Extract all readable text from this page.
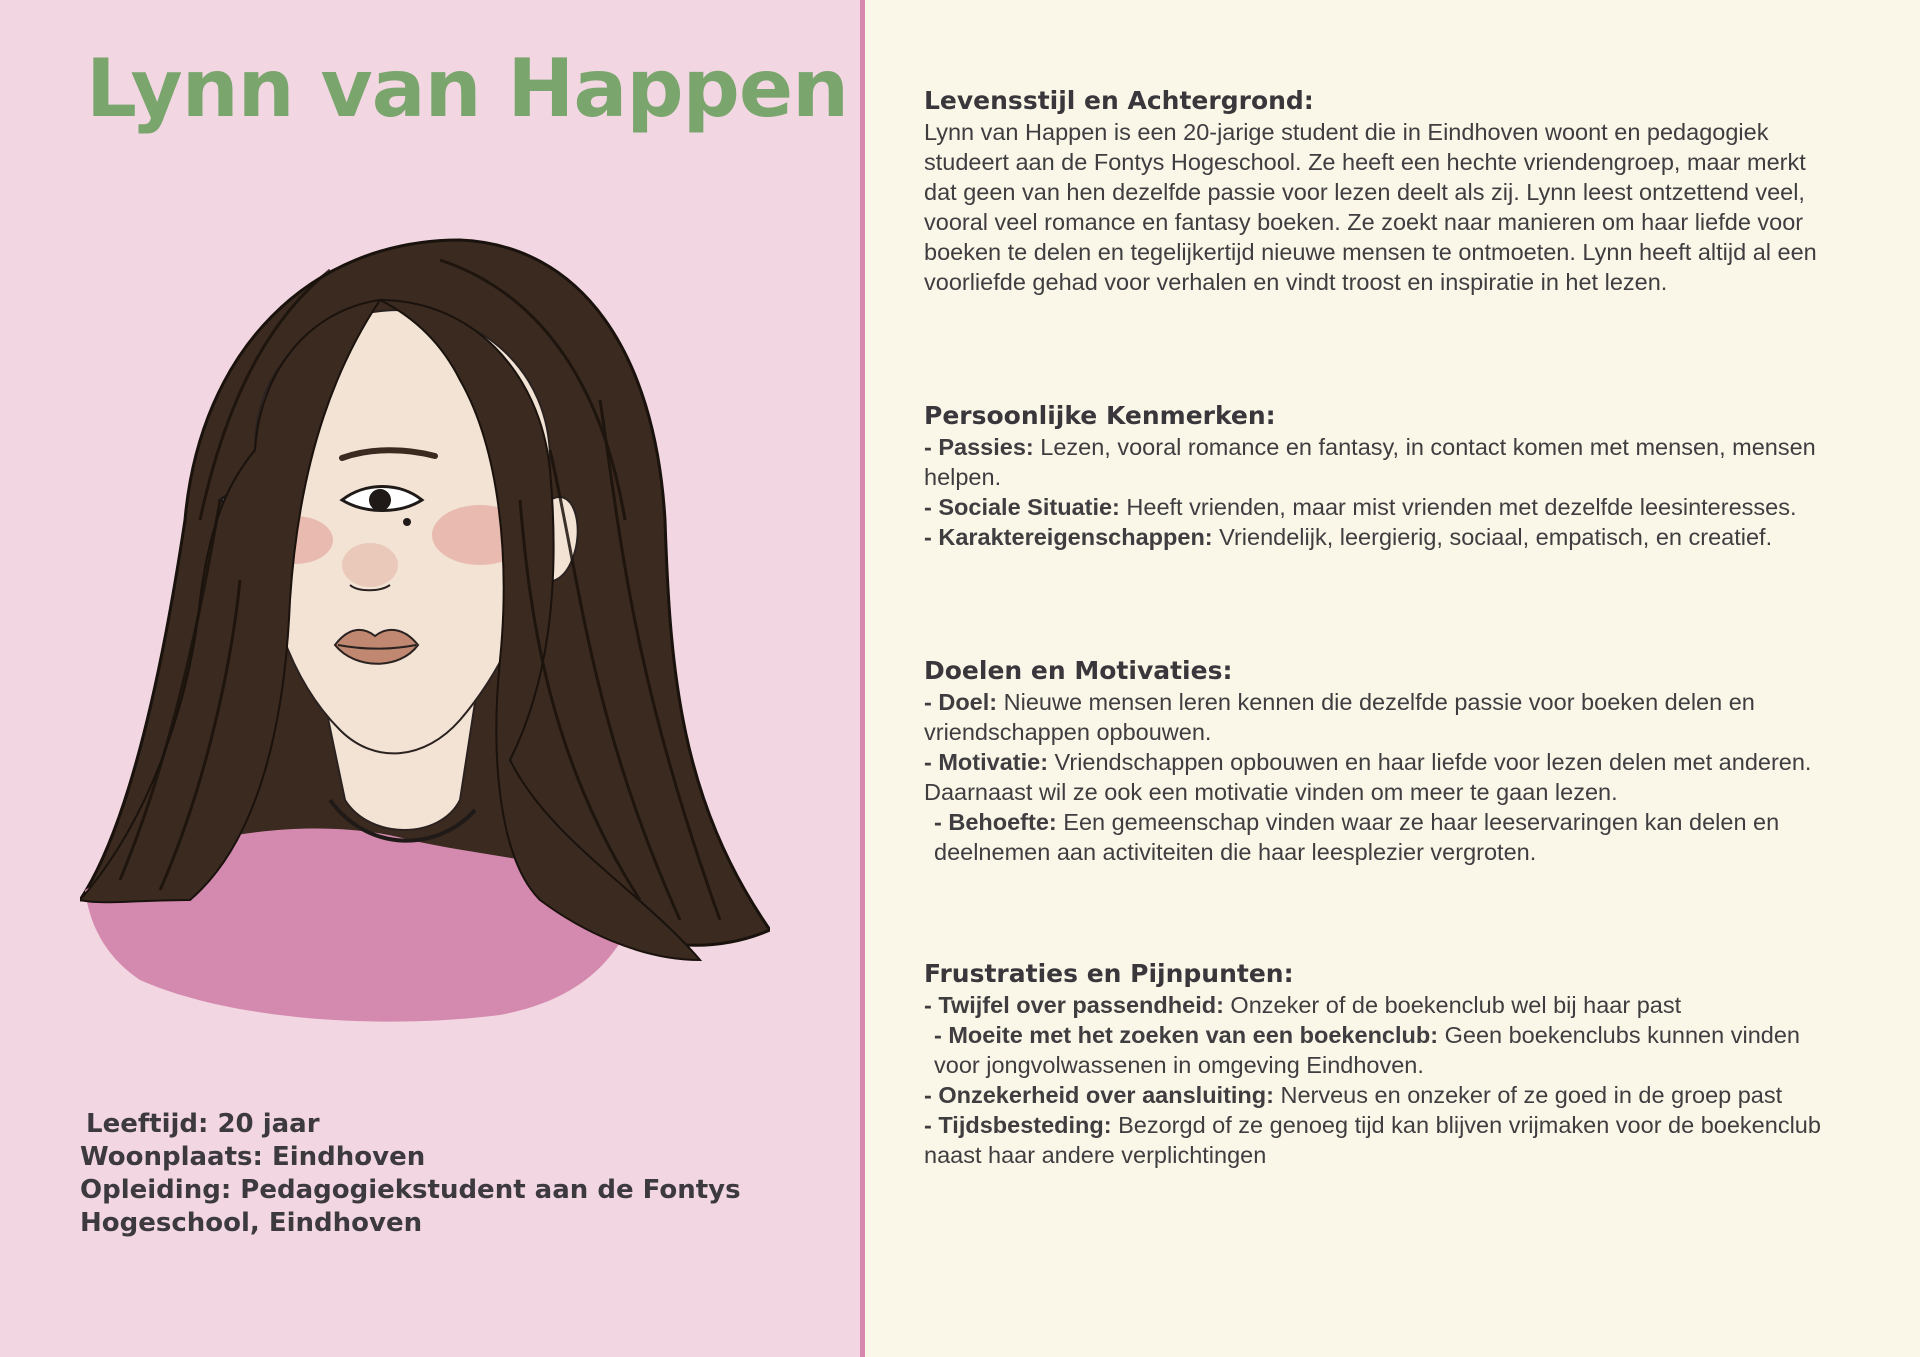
Lynn van Happen
Leeftijd: 20 jaar
Woonplaats: Eindhoven
Opleiding: Pedagogiekstudent aan de Fontys
Hogeschool, Eindhoven
Levensstijl en Achtergrond:

Lynn van Happen is een 20-jarige student die in Eindhoven woont en pedagogiek studeert aan de Fontys Hogeschool. Ze heeft een hechte vriendengroep, maar merkt dat geen van hen dezelfde passie voor lezen deelt als zij. Lynn leest ontzettend veel, vooral veel romance en fantasy boeken. Ze zoekt naar manieren om haar liefde voor boeken te delen en tegelijkertijd nieuwe mensen te ontmoeten. Lynn heeft altijd al een voorliefde gehad voor verhalen en vindt troost en inspiratie in het lezen.

Persoonlijke Kenmerken:
- Passies: Lezen, vooral romance en fantasy, in contact komen met mensen, mensen helpen.
- Sociale Situatie: Heeft vrienden, maar mist vrienden met dezelfde leesinteresses.
- Karaktereigenschappen: Vriendelijk, leergierig, sociaal, empatisch, en creatief.
Doelen en Motivaties:
- Doel: Nieuwe mensen leren kennen die dezelfde passie voor boeken delen en vriendschappen opbouwen.
- Motivatie: Vriendschappen opbouwen en haar liefde voor lezen delen met anderen. Daarnaast wil ze ook een motivatie vinden om meer te gaan lezen.
- Behoefte: Een gemeenschap vinden waar ze haar leeservaringen kan delen en deelnemen aan activiteiten die haar leesplezier vergroten.
Frustraties en Pijnpunten:
- Twijfel over passendheid: Onzeker of de boekenclub wel bij haar past
- Moeite met het zoeken van een boekenclub: Geen boekenclubs kunnen vinden voor jongvolwassenen in omgeving Eindhoven.
- Onzekerheid over aansluiting: Nerveus en onzeker of ze goed in de groep past
- Tijdsbesteding: Bezorgd of ze genoeg tijd kan blijven vrijmaken voor de boekenclub naast haar andere verplichtingen
